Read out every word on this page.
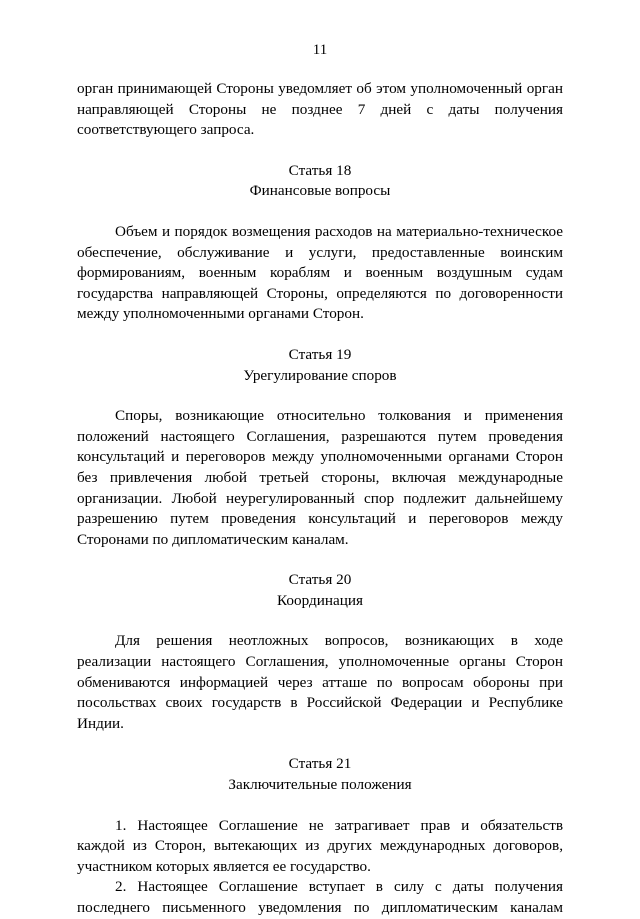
11

орган принимающей Стороны уведомляет об этом уполномоченный орган направляющей Стороны не позднее 7 дней с даты получения соответствующего запроса.

Статья 18
Финансовые вопросы

Объем и порядок возмещения расходов на материально-техническое обеспечение, обслуживание и услуги, предоставленные воинским формированиям, военным кораблям и военным воздушным судам государства направляющей Стороны, определяются по договоренности между уполномоченными органами Сторон.

Статья 19
Урегулирование споров

Споры, возникающие относительно толкования и применения положений настоящего Соглашения, разрешаются путем проведения консультаций и переговоров между уполномоченными органами Сторон без привлечения любой третьей стороны, включая международные организации. Любой неурегулированный спор подлежит дальнейшему разрешению путем проведения консультаций и переговоров между Сторонами по дипломатическим каналам.

Статья 20
Координация

Для решения неотложных вопросов, возникающих в ходе реализации настоящего Соглашения, уполномоченные органы Сторон обмениваются информацией через атташе по вопросам обороны при посольствах своих государств в Российской Федерации и Республике Индии.

Статья 21
Заключительные положения

1. Настоящее Соглашение не затрагивает прав и обязательств каждой из Сторон, вытекающих из других международных договоров, участником которых является ее государство.

2. Настоящее Соглашение вступает в силу с даты получения последнего письменного уведомления по дипломатическим каналам
